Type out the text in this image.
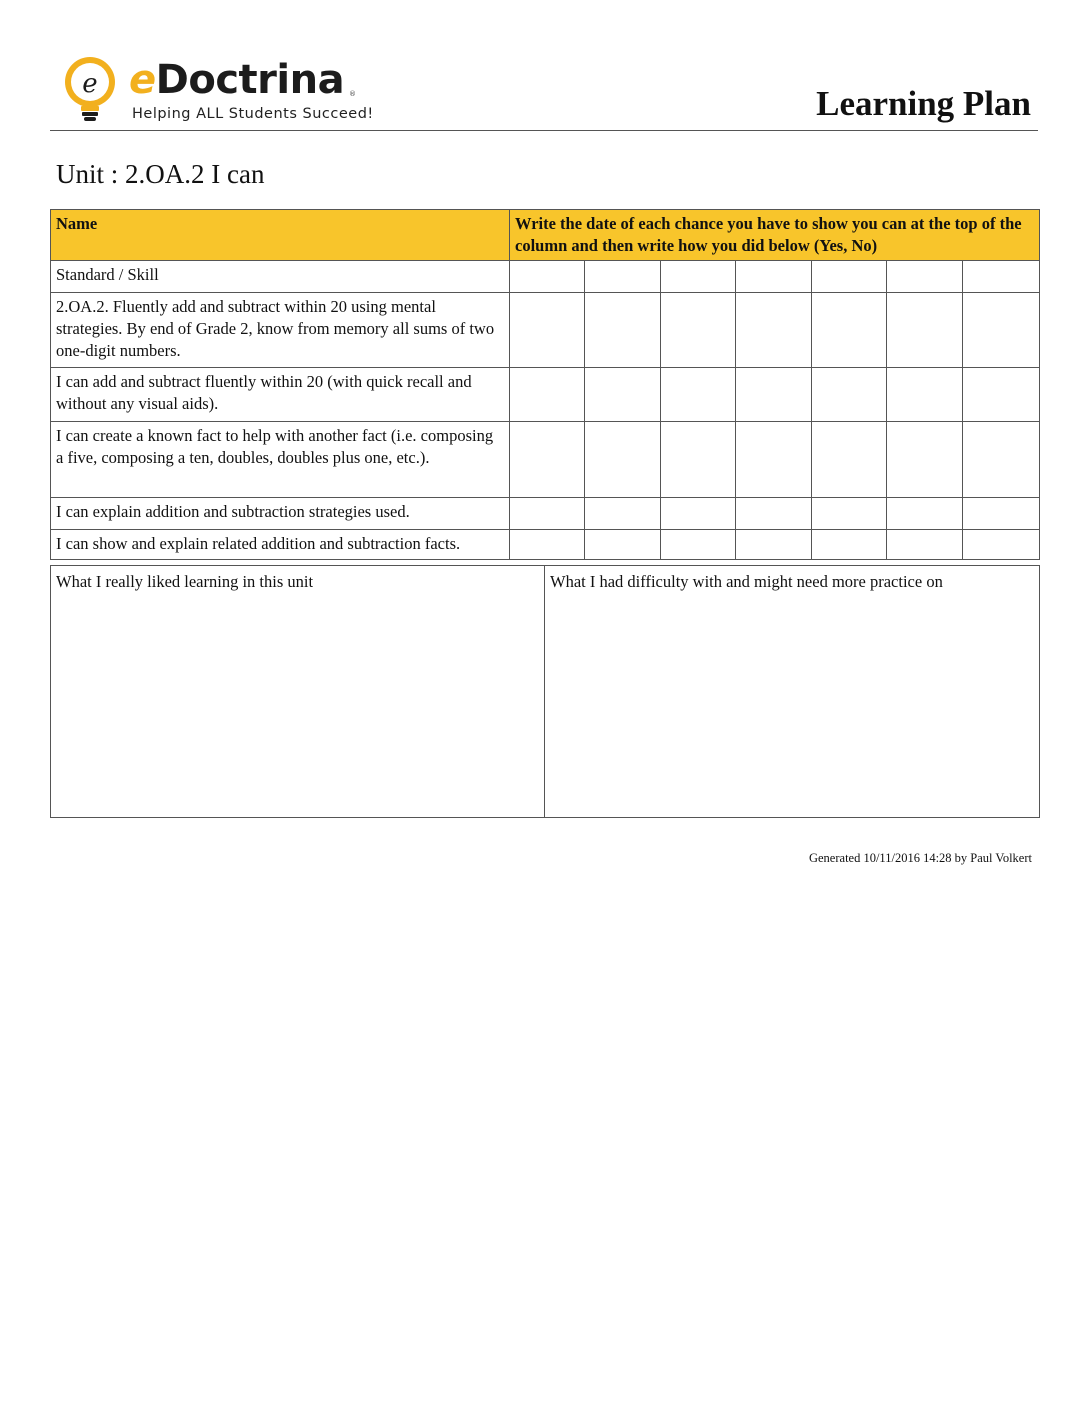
e eDoctrina ®
Helping ALL Students Succeed!	Learning Plan
Unit : 2.OA.2 I can
Name	Write the date of each chance you have to show you can at the top of the column and then write how you did below (Yes, No)						
Standard / Skill							
2.OA.2. Fluently add and subtract within 20 using mental strategies. By end of Grade 2, know from memory all sums of two one-digit numbers.							
I can add and subtract fluently within 20 (with quick recall and without any visual aids).							
I can create a known fact to help with another fact (i.e. composing a five, composing a ten, doubles, doubles plus one, etc.).							
I can explain addition and subtraction strategies used.							
I can show and explain related addition and subtraction facts.							
What I really liked learning in this unit	What I had difficulty with and might need more practice on
Generated 10/11/2016 14:28 by Paul Volkert
